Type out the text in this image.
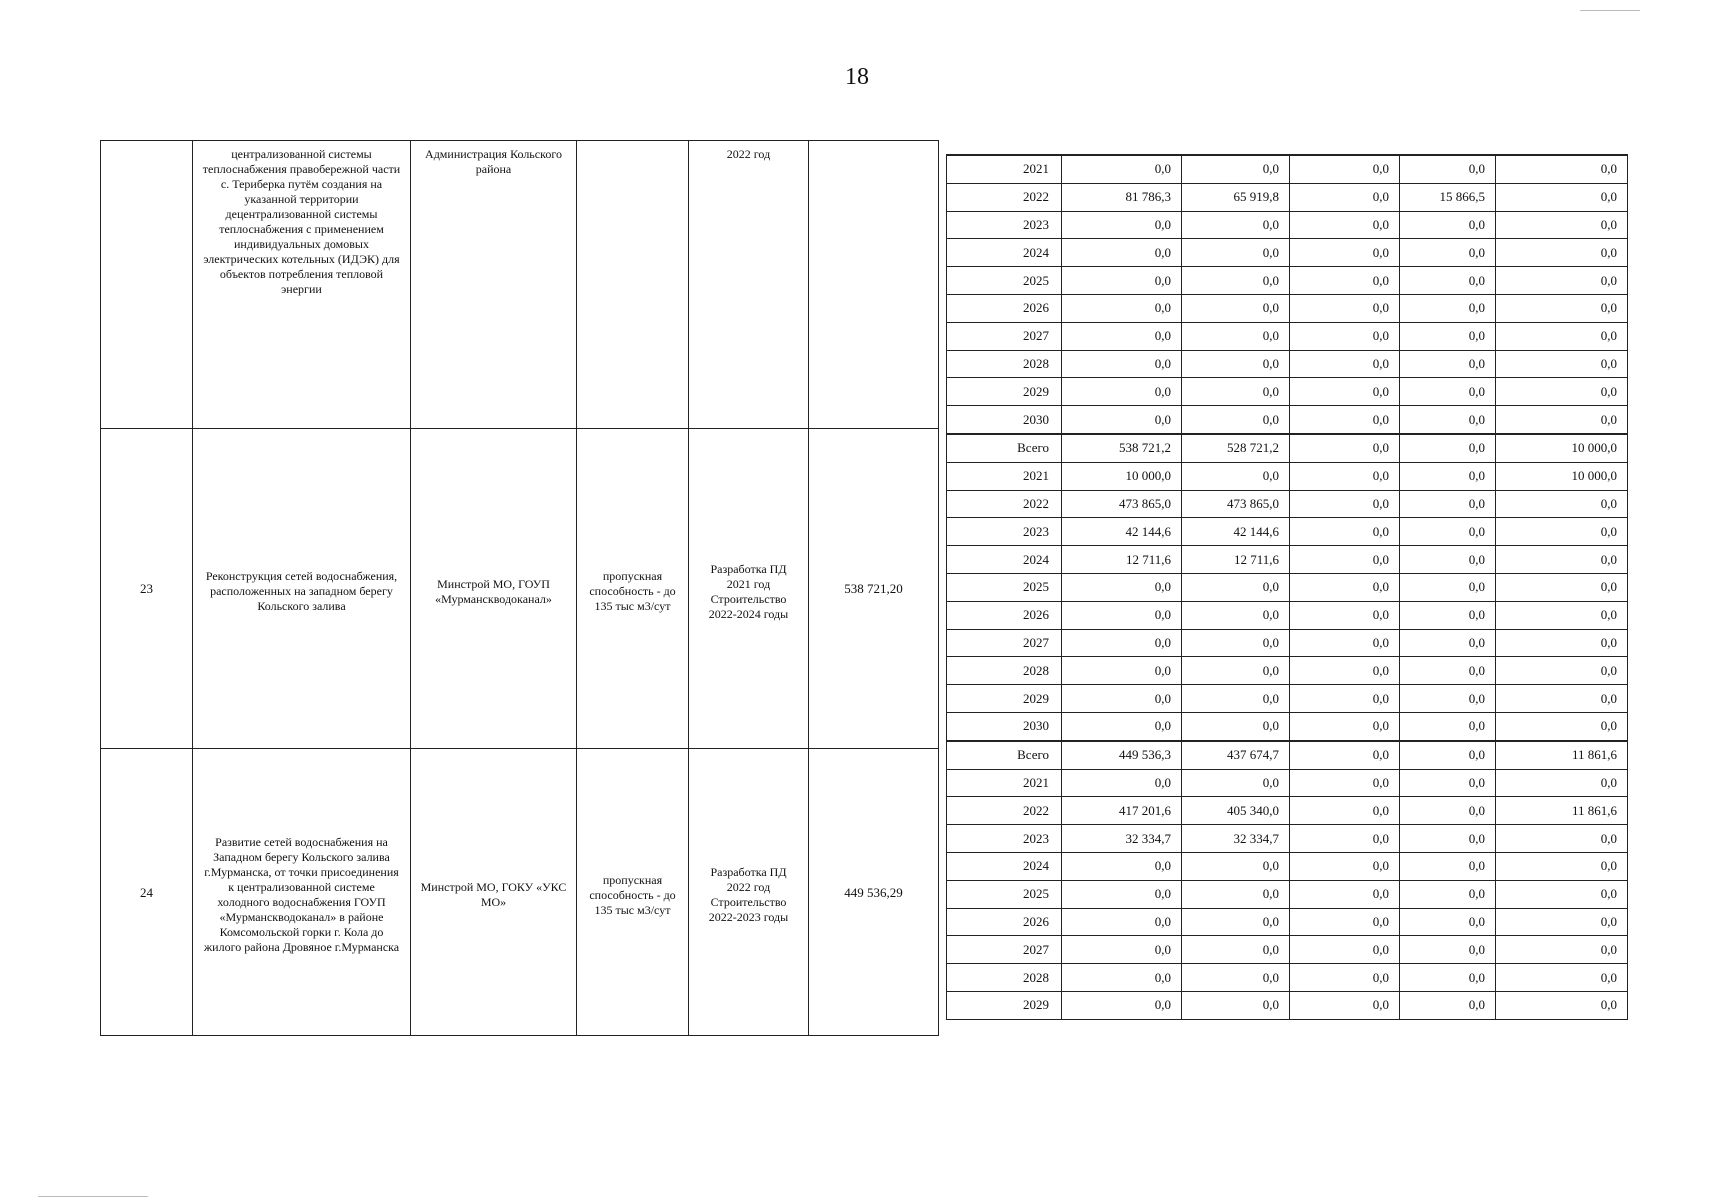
18

	централизованной системы теплоснабжения правобережной части с. Териберка путём создания на указанной территории децентрализованной системы теплоснабжения с применением индивидуальных домовых электрических котельных (ИДЭК) для объектов потребления тепловой энергии	Администрация Кольского района		2022 год	

23	Реконструкция сетей водоснабжения, расположенных на западном берегу Кольского залива	Минстрой МО, ГОУП «Мурманскводоканал»	пропускная способность - до 135 тыс м3/сут	Разработка ПД 2021 год Строительство 2022-2024 годы	538 721,20
24	Развитие сетей водоснабжения на Западном берегу Кольского залива г.Мурманска, от точки присоединения к централизованной системе холодного водоснабжения ГОУП «Мурманскводоканал» в районе Комсомольской горки г. Кола до жилого района Дровяное г.Мурманска	Минстрой МО, ГОКУ «УКС МО»	пропускная способность - до 135 тыс м3/сут	Разработка ПД 2022 год Строительство 2022-2023 годы	449 536,29
2021	0,0	0,0	0,0	0,0	0,0
2022	81 786,3	65 919,8	0,0	15 866,5	0,0
2023	0,0	0,0	0,0	0,0	0,0
2024	0,0	0,0	0,0	0,0	0,0
2025	0,0	0,0	0,0	0,0	0,0
2026	0,0	0,0	0,0	0,0	0,0
2027	0,0	0,0	0,0	0,0	0,0
2028	0,0	0,0	0,0	0,0	0,0
2029	0,0	0,0	0,0	0,0	0,0
2030	0,0	0,0	0,0	0,0	0,0
Всего	538 721,2	528 721,2	0,0	0,0	10 000,0
2021	10 000,0	0,0	0,0	0,0	10 000,0
2022	473 865,0	473 865,0	0,0	0,0	0,0
2023	42 144,6	42 144,6	0,0	0,0	0,0
2024	12 711,6	12 711,6	0,0	0,0	0,0
2025	0,0	0,0	0,0	0,0	0,0
2026	0,0	0,0	0,0	0,0	0,0
2027	0,0	0,0	0,0	0,0	0,0
2028	0,0	0,0	0,0	0,0	0,0
2029	0,0	0,0	0,0	0,0	0,0
2030	0,0	0,0	0,0	0,0	0,0
Всего	449 536,3	437 674,7	0,0	0,0	11 861,6
2021	0,0	0,0	0,0	0,0	0,0
2022	417 201,6	405 340,0	0,0	0,0	11 861,6
2023	32 334,7	32 334,7	0,0	0,0	0,0
2024	0,0	0,0	0,0	0,0	0,0
2025	0,0	0,0	0,0	0,0	0,0
2026	0,0	0,0	0,0	0,0	0,0
2027	0,0	0,0	0,0	0,0	0,0
2028	0,0	0,0	0,0	0,0	0,0
2029	0,0	0,0	0,0	0,0	0,0
